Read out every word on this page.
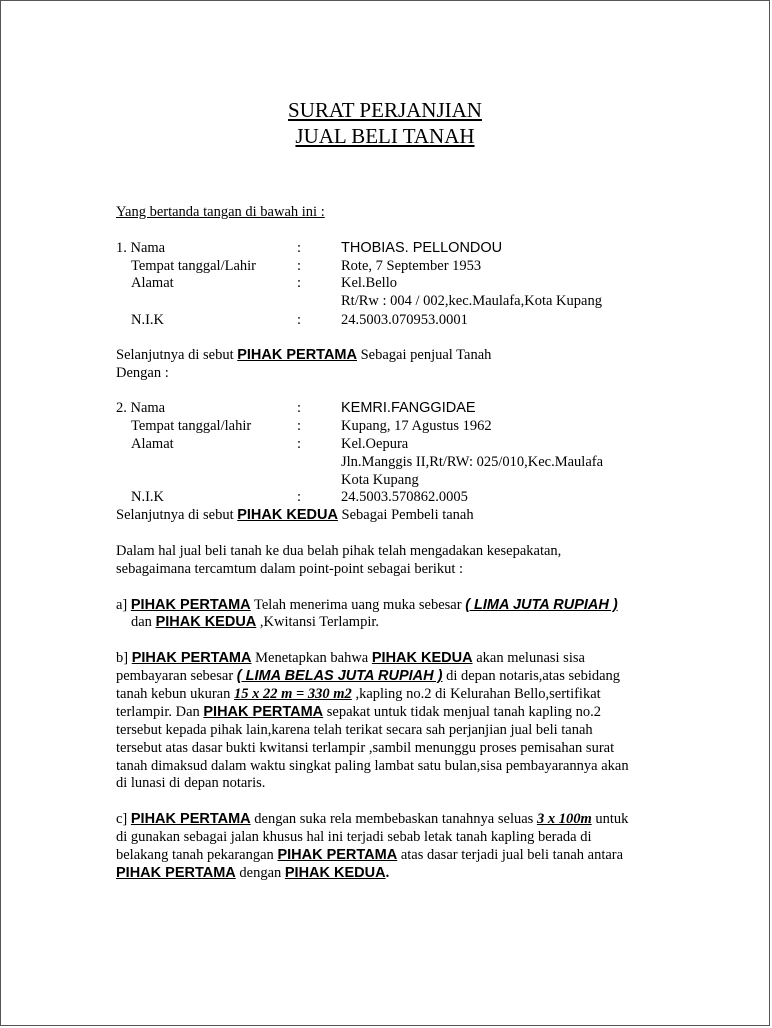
SURAT PERJANJIAN
JUAL BELI TANAH
Yang bertanda tangan di bawah ini :
1. Nama	:	THOBIAS. PELLONDOU
Tempat tanggal/Lahir	:	Rote, 7 September 1953
Alamat	:	Kel.Bello
Rt/Rw : 004 / 002,kec.Maulafa,Kota Kupang
N.I.K	:	24.5003.070953.0001
Selanjutnya di sebut PIHAK PERTAMA Sebagai penjual Tanah
Dengan :
2. Nama	:	KEMRI.FANGGIDAE
Tempat tanggal/lahir	:	Kupang, 17 Agustus 1962
Alamat	:	Kel.Oepura
Jln.Manggis II,Rt/RW: 025/010,Kec.Maulafa
Kota Kupang
N.I.K	:	24.5003.570862.0005
Selanjutnya di sebut PIHAK KEDUA Sebagai Pembeli tanah
Dalam hal jual beli tanah ke dua belah pihak telah mengadakan kesepakatan,
sebagaimana tercamtum dalam point-point sebagai berikut :
a] PIHAK PERTAMA Telah menerima uang muka sebesar ( LIMA JUTA RUPIAH )
dan PIHAK KEDUA ,Kwitansi Terlampir.
b] PIHAK PERTAMA Menetapkan bahwa PIHAK KEDUA akan melunasi sisa
pembayaran sebesar ( LIMA BELAS JUTA RUPIAH ) di depan notaris,atas sebidang
tanah kebun ukuran 15 x 22 m = 330 m2 ,kapling no.2 di Kelurahan Bello,sertifikat
terlampir. Dan PIHAK PERTAMA sepakat untuk tidak menjual tanah kapling no.2
tersebut kepada pihak lain,karena telah terikat secara sah perjanjian jual beli tanah
tersebut atas dasar bukti kwitansi terlampir ,sambil menunggu proses pemisahan surat
tanah dimaksud dalam waktu singkat paling lambat satu bulan,sisa pembayarannya akan
di lunasi di depan notaris.
c] PIHAK PERTAMA dengan suka rela membebaskan tanahnya seluas 3 x 100m untuk
di gunakan sebagai jalan khusus hal ini terjadi sebab letak tanah kapling berada di
belakang tanah pekarangan PIHAK PERTAMA atas dasar terjadi jual beli tanah antara
PIHAK PERTAMA dengan PIHAK KEDUA.
